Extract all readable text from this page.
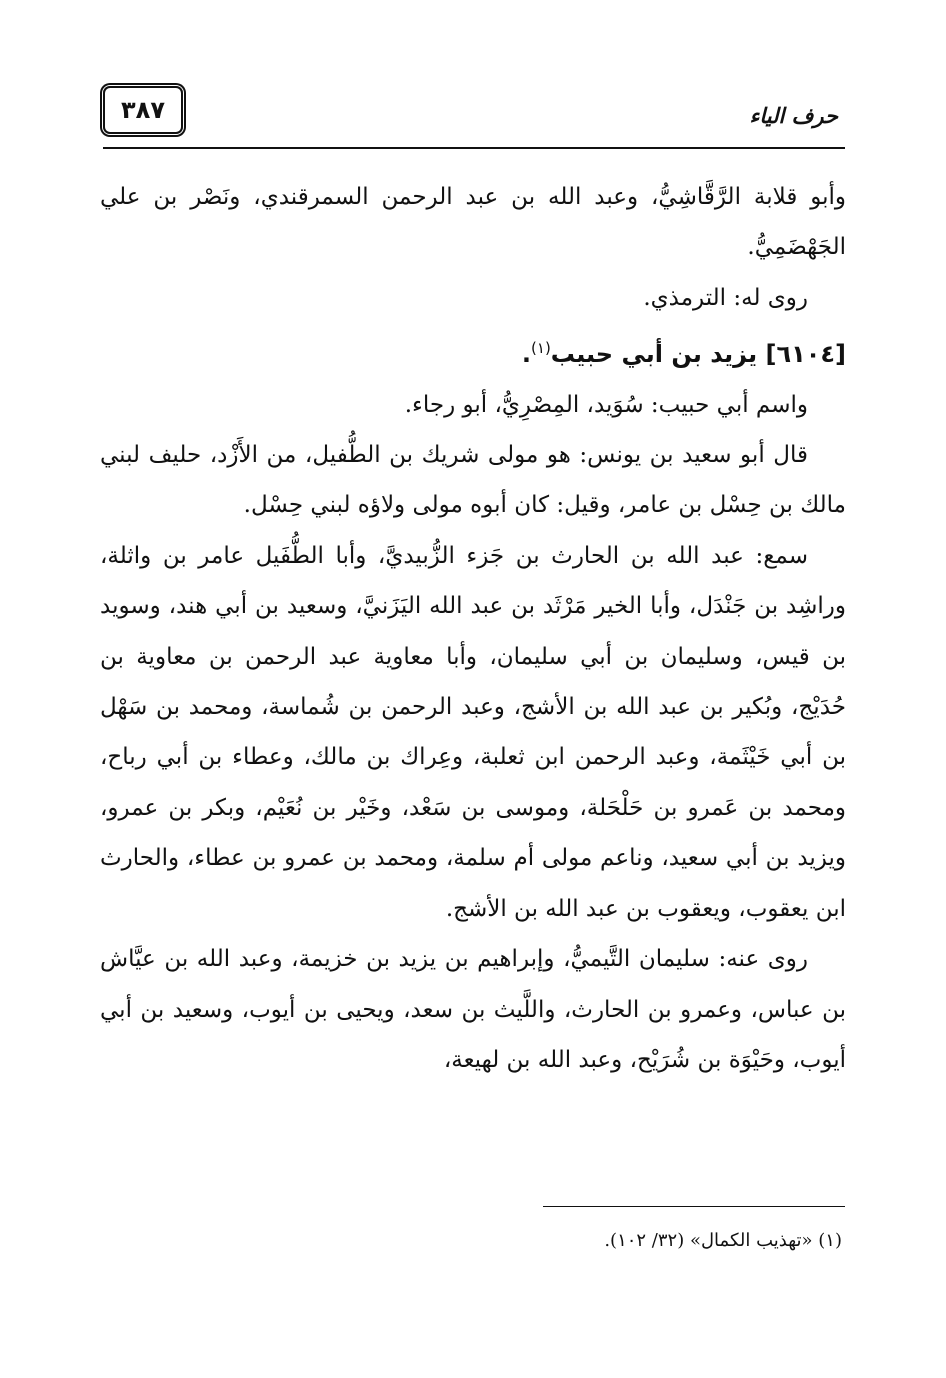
٣٨٧	حرف الياء

وأبو قلابة الرَّقَّاشِيُّ، وعبد الله بن عبد الرحمن السمرقندي، ونَصْر بن علي الجَهْضَمِيُّ.

روى له: الترمذي.

[٦١٠٤] يزيد بن أبي حبيب$^{(١)}$.

واسم أبي حبيب: سُوَيد، المِصْرِيُّ، أبو رجاء.

قال أبو سعيد بن يونس: هو مولى شريك بن الطُّفيل، من الأَزْد، حليف لبني مالك بن حِسْل بن عامر، وقيل: كان أبوه مولى ولاؤه لبني حِسْل.

سمع: عبد الله بن الحارث بن جَزء الزُّبيديَّ، وأبا الطُّفَيل عامر بن واثلة، وراشِد بن جَنْدَل، وأبا الخير مَرْثَد بن عبد الله اليَزَنيَّ، وسعيد بن أبي هند، وسويد بن قيس، وسليمان بن أبي سليمان، وأبا معاوية عبد الرحمن بن معاوية بن حُدَيْج، وبُكير بن عبد الله بن الأشج، وعبد الرحمن بن شُماسة، ومحمد بن سَهْل بن أبي خَيْثَمة، وعبد الرحمن ابن ثعلبة، وعِراك بن مالك، وعطاء بن أبي رباح، ومحمد بن عَمرو بن حَلْحَلة، وموسى بن سَعْد، وخَيْر بن نُعَيْم، وبكر بن عمرو، ويزيد بن أبي سعيد، وناعم مولى أم سلمة، ومحمد بن عمرو بن عطاء، والحارث ابن يعقوب، ويعقوب بن عبد الله بن الأشج.

روى عنه: سليمان التَّيميُّ، وإبراهيم بن يزيد بن خزيمة، وعبد الله بن عيَّاش بن عباس، وعمرو بن الحارث، واللَّيث بن سعد، ويحيى بن أيوب، وسعيد بن أبي أيوب، وحَيْوَة بن شُرَيْح، وعبد الله بن لهيعة،

(١) «تهذيب الكمال» (٣٢/ ١٠٢).
